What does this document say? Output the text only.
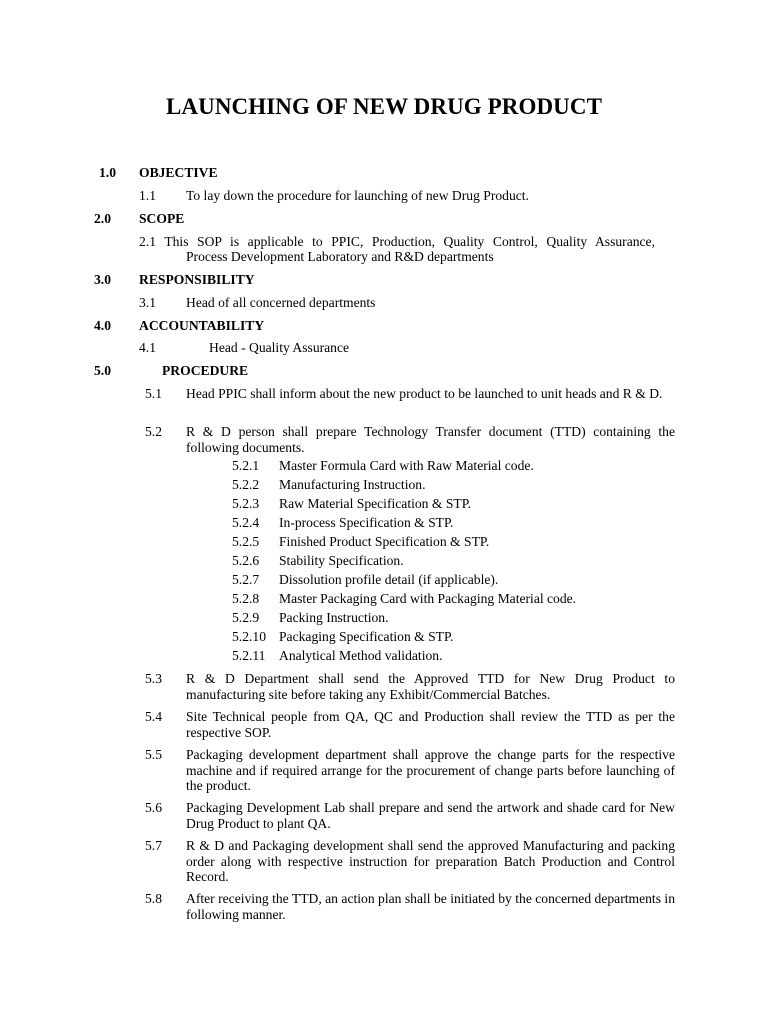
LAUNCHING OF NEW DRUG PRODUCT
1.0	OBJECTIVE
1.1 To lay down the procedure for launching of new Drug Product.
2.0	SCOPE
2.1 This SOP is applicable to PPIC, Production, Quality Control, Quality Assurance,
Process Development Laboratory and R&D departments
3.0	RESPONSIBILITY
3.1 Head of all concerned departments
4.0	ACCOUNTABILITY
4.1	Head - Quality Assurance
5.0	PROCEDURE
5.1 Head PPIC shall inform about the new product to be launched to unit heads and R & D.
5.2 R & D person shall prepare Technology Transfer document (TTD) containing the following documents.
5.2.1 Master Formula Card with Raw Material code.
5.2.2 Manufacturing Instruction.
5.2.3 Raw Material Specification & STP.
5.2.4 In-process Specification & STP.
5.2.5 Finished Product Specification & STP.
5.2.6 Stability Specification.
5.2.7 Dissolution profile detail (if applicable).
5.2.8 Master Packaging Card with Packaging Material code.
5.2.9 Packing Instruction.
5.2.10 Packaging Specification & STP.
5.2.11 Analytical Method validation.
5.3 R & D Department shall send the Approved TTD for New Drug Product to manufacturing site before taking any Exhibit/Commercial Batches.
5.4 Site Technical people from QA, QC and Production shall review the TTD as per the respective SOP.
5.5 Packaging development department shall approve the change parts for the respective machine and if required arrange for the procurement of change parts before launching of the product.
5.6 Packaging Development Lab shall prepare and send the artwork and shade card for New Drug Product to plant QA.
5.7 R & D and Packaging development shall send the approved Manufacturing and packing order along with respective instruction for preparation Batch Production and Control Record.
5.8 After receiving the TTD, an action plan shall be initiated by the concerned departments in following manner.
